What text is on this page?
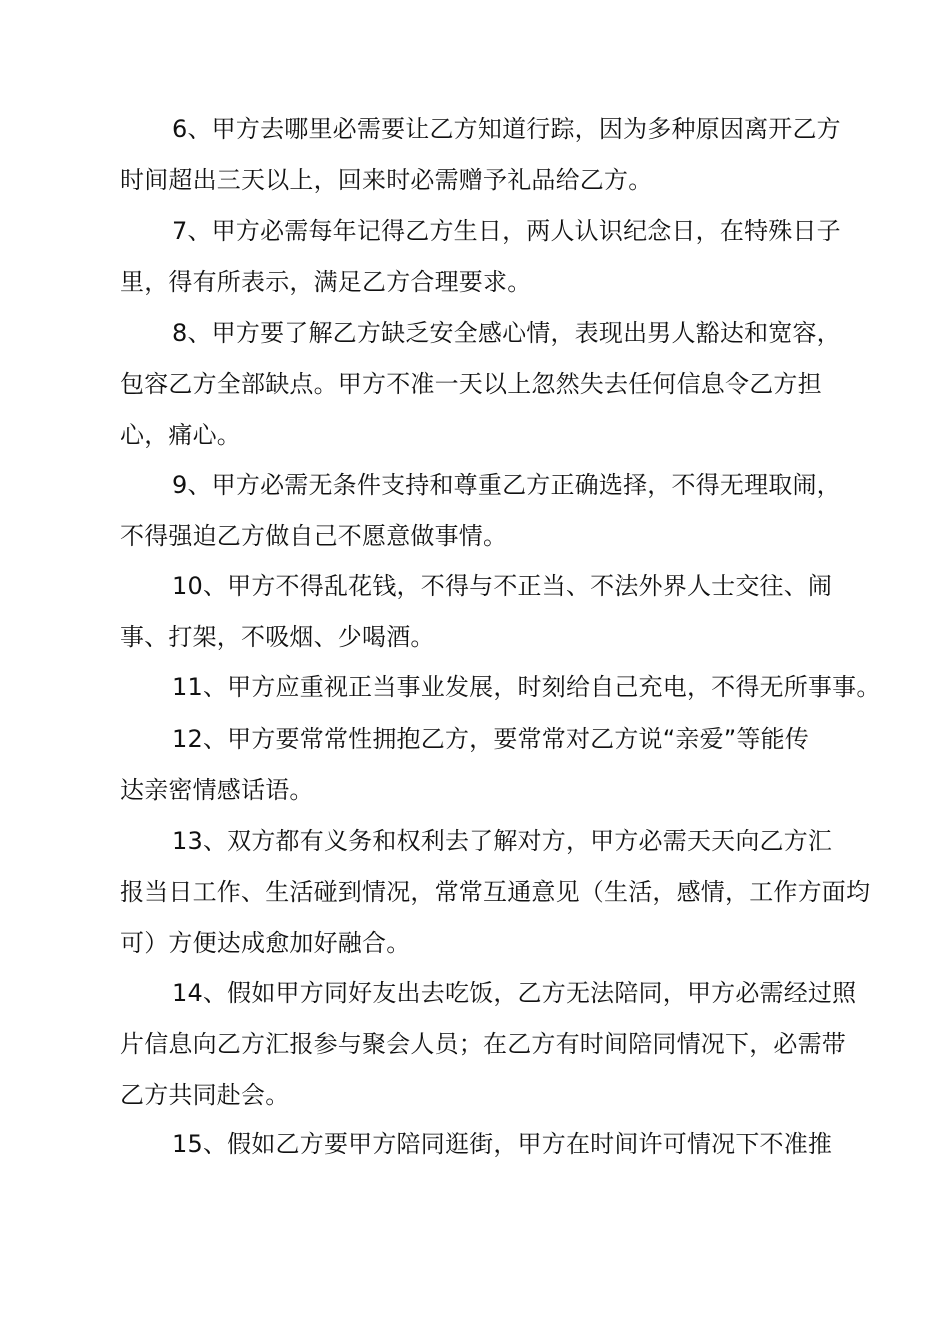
6、甲方去哪里必需要让乙方知道行踪，因为多种原因离开乙方
时间超出三天以上，回来时必需赠予礼品给乙方。
7、甲方必需每年记得乙方生日，两人认识纪念日，在特殊日子
里，得有所表示，满足乙方合理要求。
8、甲方要了解乙方缺乏安全感心情，表现出男人豁达和宽容，
包容乙方全部缺点。甲方不准一天以上忽然失去任何信息令乙方担
心，痛心。
9、甲方必需无条件支持和尊重乙方正确选择，不得无理取闹，
不得强迫乙方做自己不愿意做事情。
10、甲方不得乱花钱，不得与不正当、不法外界人士交往、闹
事、打架，不吸烟、少喝酒。
11、甲方应重视正当事业发展，时刻给自己充电，不得无所事事。
12、甲方要常常性拥抱乙方，要常常对乙方说“亲爱”等能传
达亲密情感话语。
13、双方都有义务和权利去了解对方，甲方必需天天向乙方汇
报当日工作、生活碰到情况，常常互通意见（生活，感情，工作方面均
可）方便达成愈加好融合。
14、假如甲方同好友出去吃饭，乙方无法陪同，甲方必需经过照
片信息向乙方汇报参与聚会人员；在乙方有时间陪同情况下，必需带
乙方共同赴会。
15、假如乙方要甲方陪同逛街，甲方在时间许可情况下不准推
